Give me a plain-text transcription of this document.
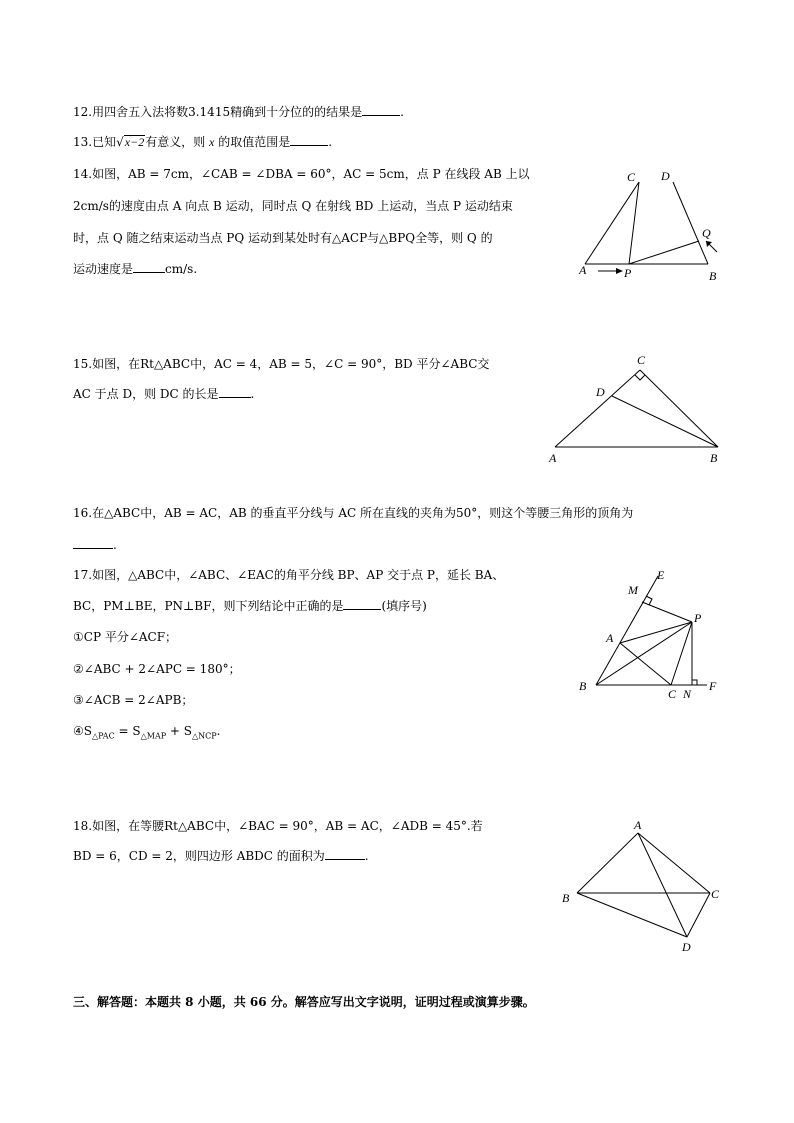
12.用四舍五入法将数3.1415精确到十分位的的结果是	.
13.已知√x−2有意义，则 x 的取值范围是	.
14.如图，AB = 7cm，∠CAB = ∠DBA = 60°，AC = 5cm，点 P 在线段 AB 上以
2cm/s的速度由点 A 向点 B 运动，同时点 Q 在射线 BD 上运动，当点 P 运动结束
时，点 Q 随之结束运动当点 PQ 运动到某处时有△ACP与△BPQ全等，则 Q 的
运动速度是	cm/s.
C D
Q
A	P	B
15.如图，在Rt△ABC中，AC = 4，AB = 5，∠C = 90°，BD 平分∠ABC交
AC 于点 D，则 DC 的长是	.
C
D
A	B
16.在△ABC中，AB = AC，AB 的垂直平分线与 AC 所在直线的夹角为50°，则这个等腰三角形的顶角为
.
17.如图，△ABC中，∠ABC、∠EAC的角平分线 BP、AP 交于点 P，延长 BA、
BC，PM⊥BE，PN⊥BF，则下列结论中正确的是	(填序号)
①CP 平分∠ACF；
②∠ABC + 2∠APC = 180°；
③∠ACB = 2∠APB；
$④S_{\triangle PAC} = S_{\triangle MAP} + S_{\triangle NCP}$.
M
E
P
A
B
C N
F
18.如图，在等腰Rt△ABC中，∠BAC = 90°，AB = AC，∠ADB = 45°.若
BD = 6，CD = 2，则四边形 ABDC 的面积为	.
A
B	C
D
三、解答题：本题共 8 小题，共 66 分。解答应写出文字说明，证明过程或演算步骤。
